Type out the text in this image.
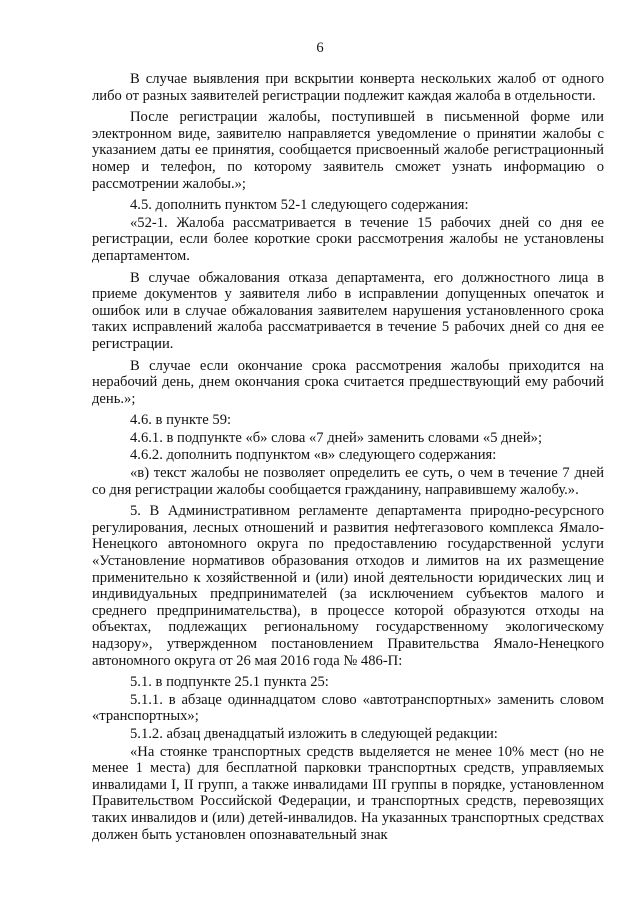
6

В случае выявления при вскрытии конверта нескольких жалоб от одного либо от разных заявителей регистрации подлежит каждая жалоба в отдельности.

После регистрации жалобы, поступившей в письменной форме или электронном виде, заявителю направляется уведомление о принятии жалобы с указанием даты ее принятия, сообщается присвоенный жалобе регистрационный номер и телефон, по которому заявитель сможет узнать информацию о рассмотрении жалобы.»;

4.5. дополнить пунктом 52-1 следующего содержания:

«52-1. Жалоба рассматривается в течение 15 рабочих дней со дня ее регистрации, если более короткие сроки рассмотрения жалобы не установлены департаментом.

В случае обжалования отказа департамента, его должностного лица в приеме документов у заявителя либо в исправлении допущенных опечаток и ошибок или в случае обжалования заявителем нарушения установленного срока таких исправлений жалоба рассматривается в течение 5 рабочих дней со дня ее регистрации.

В случае если окончание срока рассмотрения жалобы приходится на нерабочий день, днем окончания срока считается предшествующий ему рабочий день.»;

4.6. в пункте 59:

4.6.1. в подпункте «б» слова «7 дней» заменить словами «5 дней»;

4.6.2. дополнить подпунктом «в» следующего содержания:

«в) текст жалобы не позволяет определить ее суть, о чем в течение 7 дней со дня регистрации жалобы сообщается гражданину, направившему жалобу.».

5. В Административном регламенте департамента природно-ресурсного регулирования, лесных отношений и развития нефтегазового комплекса Ямало-Ненецкого автономного округа по предоставлению государственной услуги «Установление нормативов образования отходов и лимитов на их размещение применительно к хозяйственной и (или) иной деятельности юридических лиц и индивидуальных предпринимателей (за исключением субъектов малого и среднего предпринимательства), в процессе которой образуются отходы на объектах, подлежащих региональному государственному экологическому надзору», утвержденном постановлением Правительства Ямало-Ненецкого автономного округа от 26 мая 2016 года № 486-П:

5.1. в подпункте 25.1 пункта 25:

5.1.1. в абзаце одиннадцатом слово «автотранспортных» заменить словом «транспортных»;

5.1.2. абзац двенадцатый изложить в следующей редакции:

«На стоянке транспортных средств выделяется не менее 10% мест (но не менее 1 места) для бесплатной парковки транспортных средств, управляемых инвалидами I, II групп, а также инвалидами III группы в порядке, установленном Правительством Российской Федерации, и транспортных средств, перевозящих таких инвалидов и (или) детей-инвалидов. На указанных транспортных средствах должен быть установлен опознавательный знак
